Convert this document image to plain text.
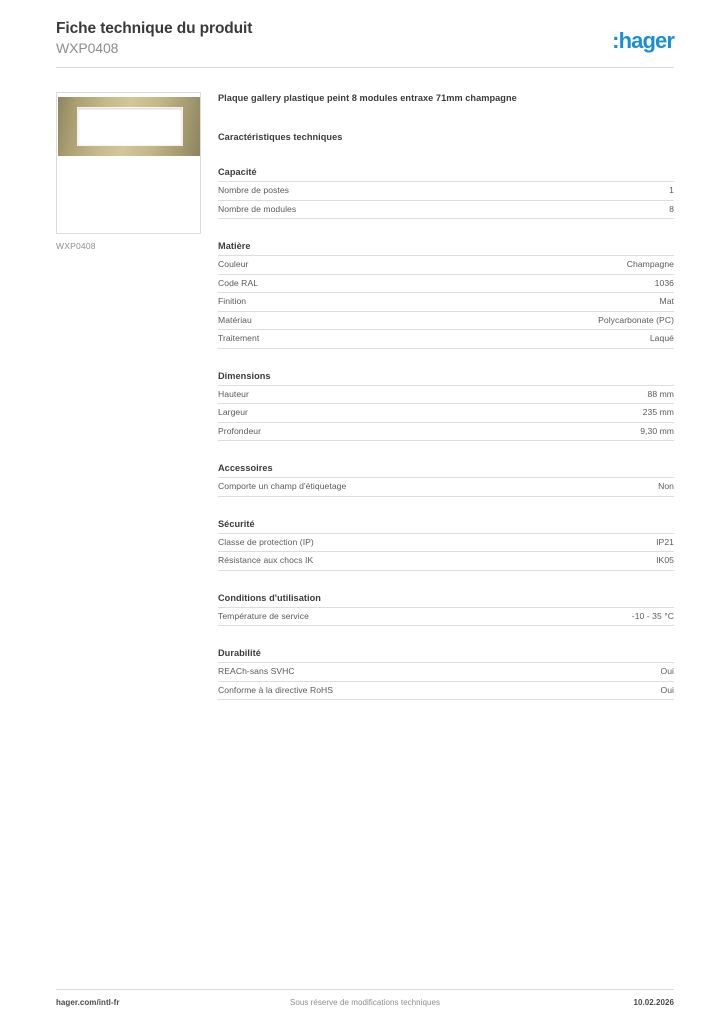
Fiche technique du produit
WXP0408	:hager
WXP0408
Plaque gallery plastique peint 8 modules entraxe 71mm champagne
Caractéristiques techniques
Capacité
Nombre de postes	1
Nombre de modules	8
Matière
Couleur	Champagne
Code RAL	1036
Finition	Mat
Matériau	Polycarbonate (PC)
Traitement	Laqué
Dimensions
Hauteur	88 mm
Largeur	235 mm
Profondeur	9,30 mm
Accessoires
Comporte un champ d'étiquetage	Non
Sécurité
Classe de protection (IP)	IP21
Résistance aux chocs IK	IK05
Conditions d'utilisation
Température de service	-10 - 35 °C
Durabilité
REACh-sans SVHC	Oui
Conforme à la directive RoHS	Oui
hager.com/intl-fr	Sous réserve de modifications techniques	10.02.2026
